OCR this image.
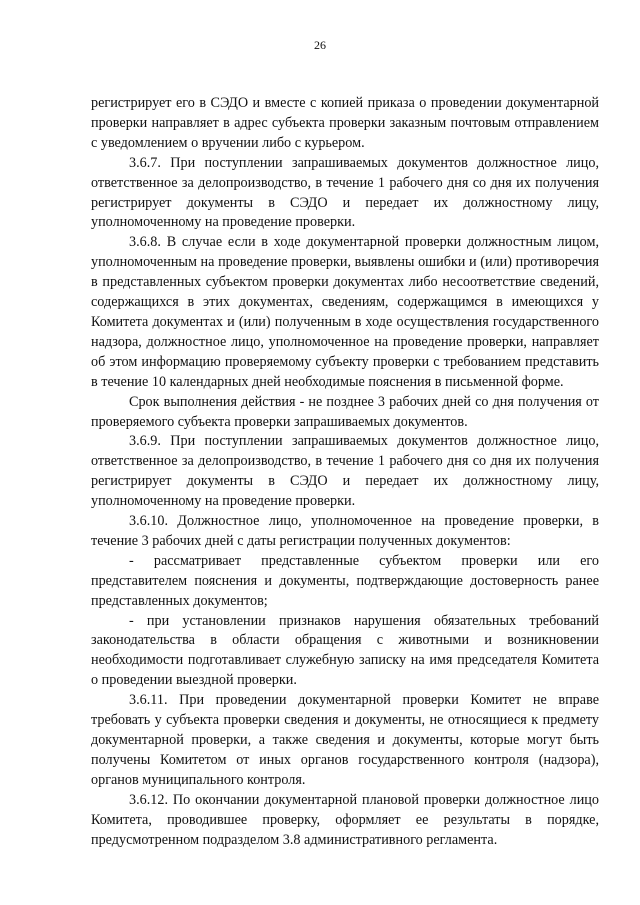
26

регистрирует его в СЭДО и вместе с копией приказа о проведении документарной проверки направляет в адрес субъекта проверки заказным почтовым отправлением с уведомлением о вручении либо с курьером.

3.6.7. При поступлении запрашиваемых документов должностное лицо, ответственное за делопроизводство, в течение 1 рабочего дня со дня их получения регистрирует документы в СЭДО и передает их должностному лицу, уполномоченному на проведение проверки.

3.6.8. В случае если в ходе документарной проверки должностным лицом, уполномоченным на проведение проверки, выявлены ошибки и (или) противоречия в представленных субъектом проверки документах либо несоответствие сведений, содержащихся в этих документах, сведениям, содержащимся в имеющихся у Комитета документах и (или) полученным в ходе осуществления государственного надзора, должностное лицо, уполномоченное на проведение проверки, направляет об этом информацию проверяемому субъекту проверки с требованием представить в течение 10 календарных дней необходимые пояснения в письменной форме.

Срок выполнения действия - не позднее 3 рабочих дней со дня получения от проверяемого субъекта проверки запрашиваемых документов.

3.6.9. При поступлении запрашиваемых документов должностное лицо, ответственное за делопроизводство, в течение 1 рабочего дня со дня их получения регистрирует документы в СЭДО и передает их должностному лицу, уполномоченному на проведение проверки.

3.6.10. Должностное лицо, уполномоченное на проведение проверки, в течение 3 рабочих дней с даты регистрации полученных документов:

- рассматривает представленные субъектом проверки или его представителем пояснения и документы, подтверждающие достоверность ранее представленных документов;

- при установлении признаков нарушения обязательных требований законодательства в области обращения с животными и возникновении необходимости подготавливает служебную записку на имя председателя Комитета о проведении выездной проверки.

3.6.11. При проведении документарной проверки Комитет не вправе требовать у субъекта проверки сведения и документы, не относящиеся к предмету документарной проверки, а также сведения и документы, которые могут быть получены Комитетом от иных органов государственного контроля (надзора), органов муниципального контроля.

3.6.12. По окончании документарной плановой проверки должностное лицо Комитета, проводившее проверку, оформляет ее результаты в порядке, предусмотренном подразделом 3.8 административного регламента.
